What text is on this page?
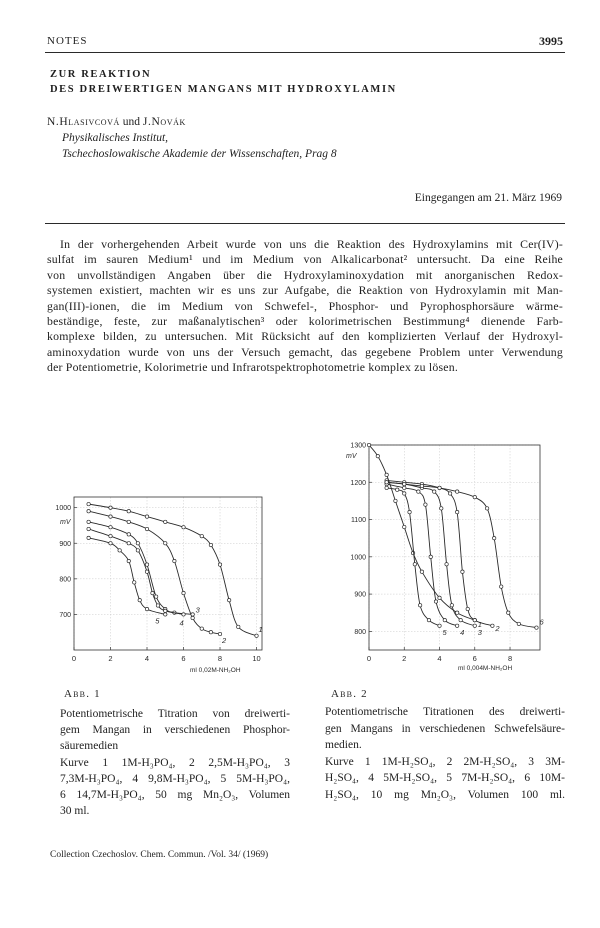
NOTES	3995
ZUR REAKTION
DES DREIWERTIGEN MANGANS MIT HYDROXYLAMIN
N.Hlasivcová und J.Novák
Physikalisches Institut,
Tschechoslowakische Akademie der Wissenschaften, Prag 8
Eingegangen am 21. März 1969
In der vorhergehenden Arbeit wurde von uns die Reaktion des Hydroxylamins mit Cer(IV)-
sulfat im sauren Medium¹ und im Medium von Alkalicarbonat² untersucht. Da eine Reihe
von unvollständigen Angaben über die Hydroxylaminoxydation mit anorganischen Redox-
systemen existiert, machten wir es uns zur Aufgabe, die Reaktion von Hydroxylamin mit Man-
gan(III)-ionen, die im Medium von Schwefel-, Phosphor- und Pyrophosphorsäure wärme-
beständige, feste, zur maßanalytischen³ oder kolorimetrischen Bestimmung⁴ dienende Farb-
komplexe bilden, zu untersuchen. Mit Rücksicht auf den komplizierten Verlauf der Hydroxyl-
aminoxydation wurde von uns der Versuch gemacht, das gegebene Problem unter Verwendung
der Potentiometrie, Kolorimetrie und Infrarotspektrophotometrie komplex zu lösen.
0	2	4	6	8	10
1000
900
800
700
mV
ml 0,02M-NH₂OH
1
2
3
4
5
0	2	4	6	8
1300
1200
1100
1000
900
800
mV
ml 0,004M-NH₂OH
1 2
3
4
5
6
Abb. 1	Abb. 2
Potentiometrische Titration von dreiwerti-
gem Mangan in verschiedenen Phosphor-
säuremedien
Kurve 1 1M-H₃PO₄, 2 2,5M-H₃PO₄, 3
7,3M-H₃PO₄, 4 9,8M-H₃PO₄, 5 5M-H₃PO₄,
6 14,7M-H₃PO₄, 50 mg Mn₂O₃, Volumen
30 ml.
Potentiometrische Titrationen des dreiwerti-
gen Mangans in verschiedenen Schwefelsäure-
medien.
Kurve 1 1M-H₂SO₄, 2 2M-H₂SO₄, 3 3M-
H₂SO₄, 4 5M-H₂SO₄, 5 7M-H₂SO₄, 6 10M-
H₂SO₄, 10 mg Mn₂O₃, Volumen 100 ml.
Collection Czechoslov. Chem. Commun. /Vol. 34/ (1969)
